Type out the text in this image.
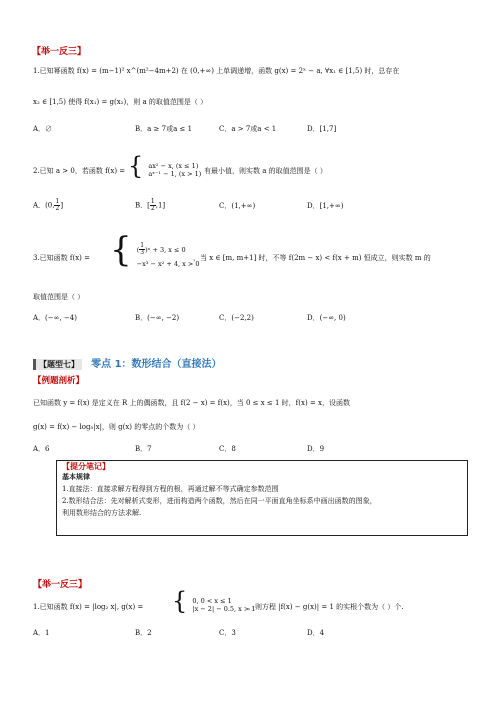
【举一反三】
1.已知幂函数 f(x) = (m−1)² x^(m²−4m+2) 在 (0,+∞) 上单调递增，函数 g(x) = 2ˣ − a, ∀x₁ ∈ [1,5) 时，总存在
x₂ ∈ [1,5) 使得 f(x₁) = g(x₂)，则 a 的取值范围是（ ）
A．∅	B．a ≥ 7或a ≤ 1	C．a > 7或a < 1	D．[1,7]
2.已知 a > 0，若函数 f(x) = { ax² − x, (x ≤ 1)
aˣ⁻¹ − 1, (x > 1) 有最小值，则实数 a 的取值范围是（ ）
A．(0, $\frac{1}{2}$ ]	B．[ $\frac{1}{2} ,1$]	C．(1,+∞)	D．[1,+∞)
3.已知函数 f(x) = { ( $\frac{1}{3}$ )ˣ + 3, x ≤ 0
−x³ − x² + 4, x > 0
，当 x ∈ [m, m+1] 时，不等 f(2m − x) < f(x + m) 恒成立，则实数 m 的
取值范围是（ ）
A．(−∞, −4)	B．(−∞, −2)	C．(−2,2)	D．(−∞, 0)
【题型七】 零点 1：数形结合（直接法）
【例题剖析】
已知函数 y = f(x) 是定义在 R 上的偶函数，且 f(2 − x) = f(x)，当 0 ≤ x ≤ 1 时，f(x) = x，设函数
g(x) = f(x) − log₅|x|，则 g(x) 的零点的个数为（ ）
A．6	B．7	C．8	D．9
【提分笔记】
基本规律
1.直接法：直接求解方程得到方程的根，再通过解不等式确定参数范围
2.数形结合法：先对解析式变形，进而构造两个函数，然后在同一平面直角坐标系中画出函数的图象，
利用数形结合的方法求解.
【举一反三】
1.已知函数 f(x) = |log₂ x|, g(x) = { 0, 0 < x ≤ 1
|x − 2| − 0.5, x > 1
，则方程 |f(x) − g(x)| = 1 的实根个数为（ ）个.
A．1	B．2	C．3	D．4
